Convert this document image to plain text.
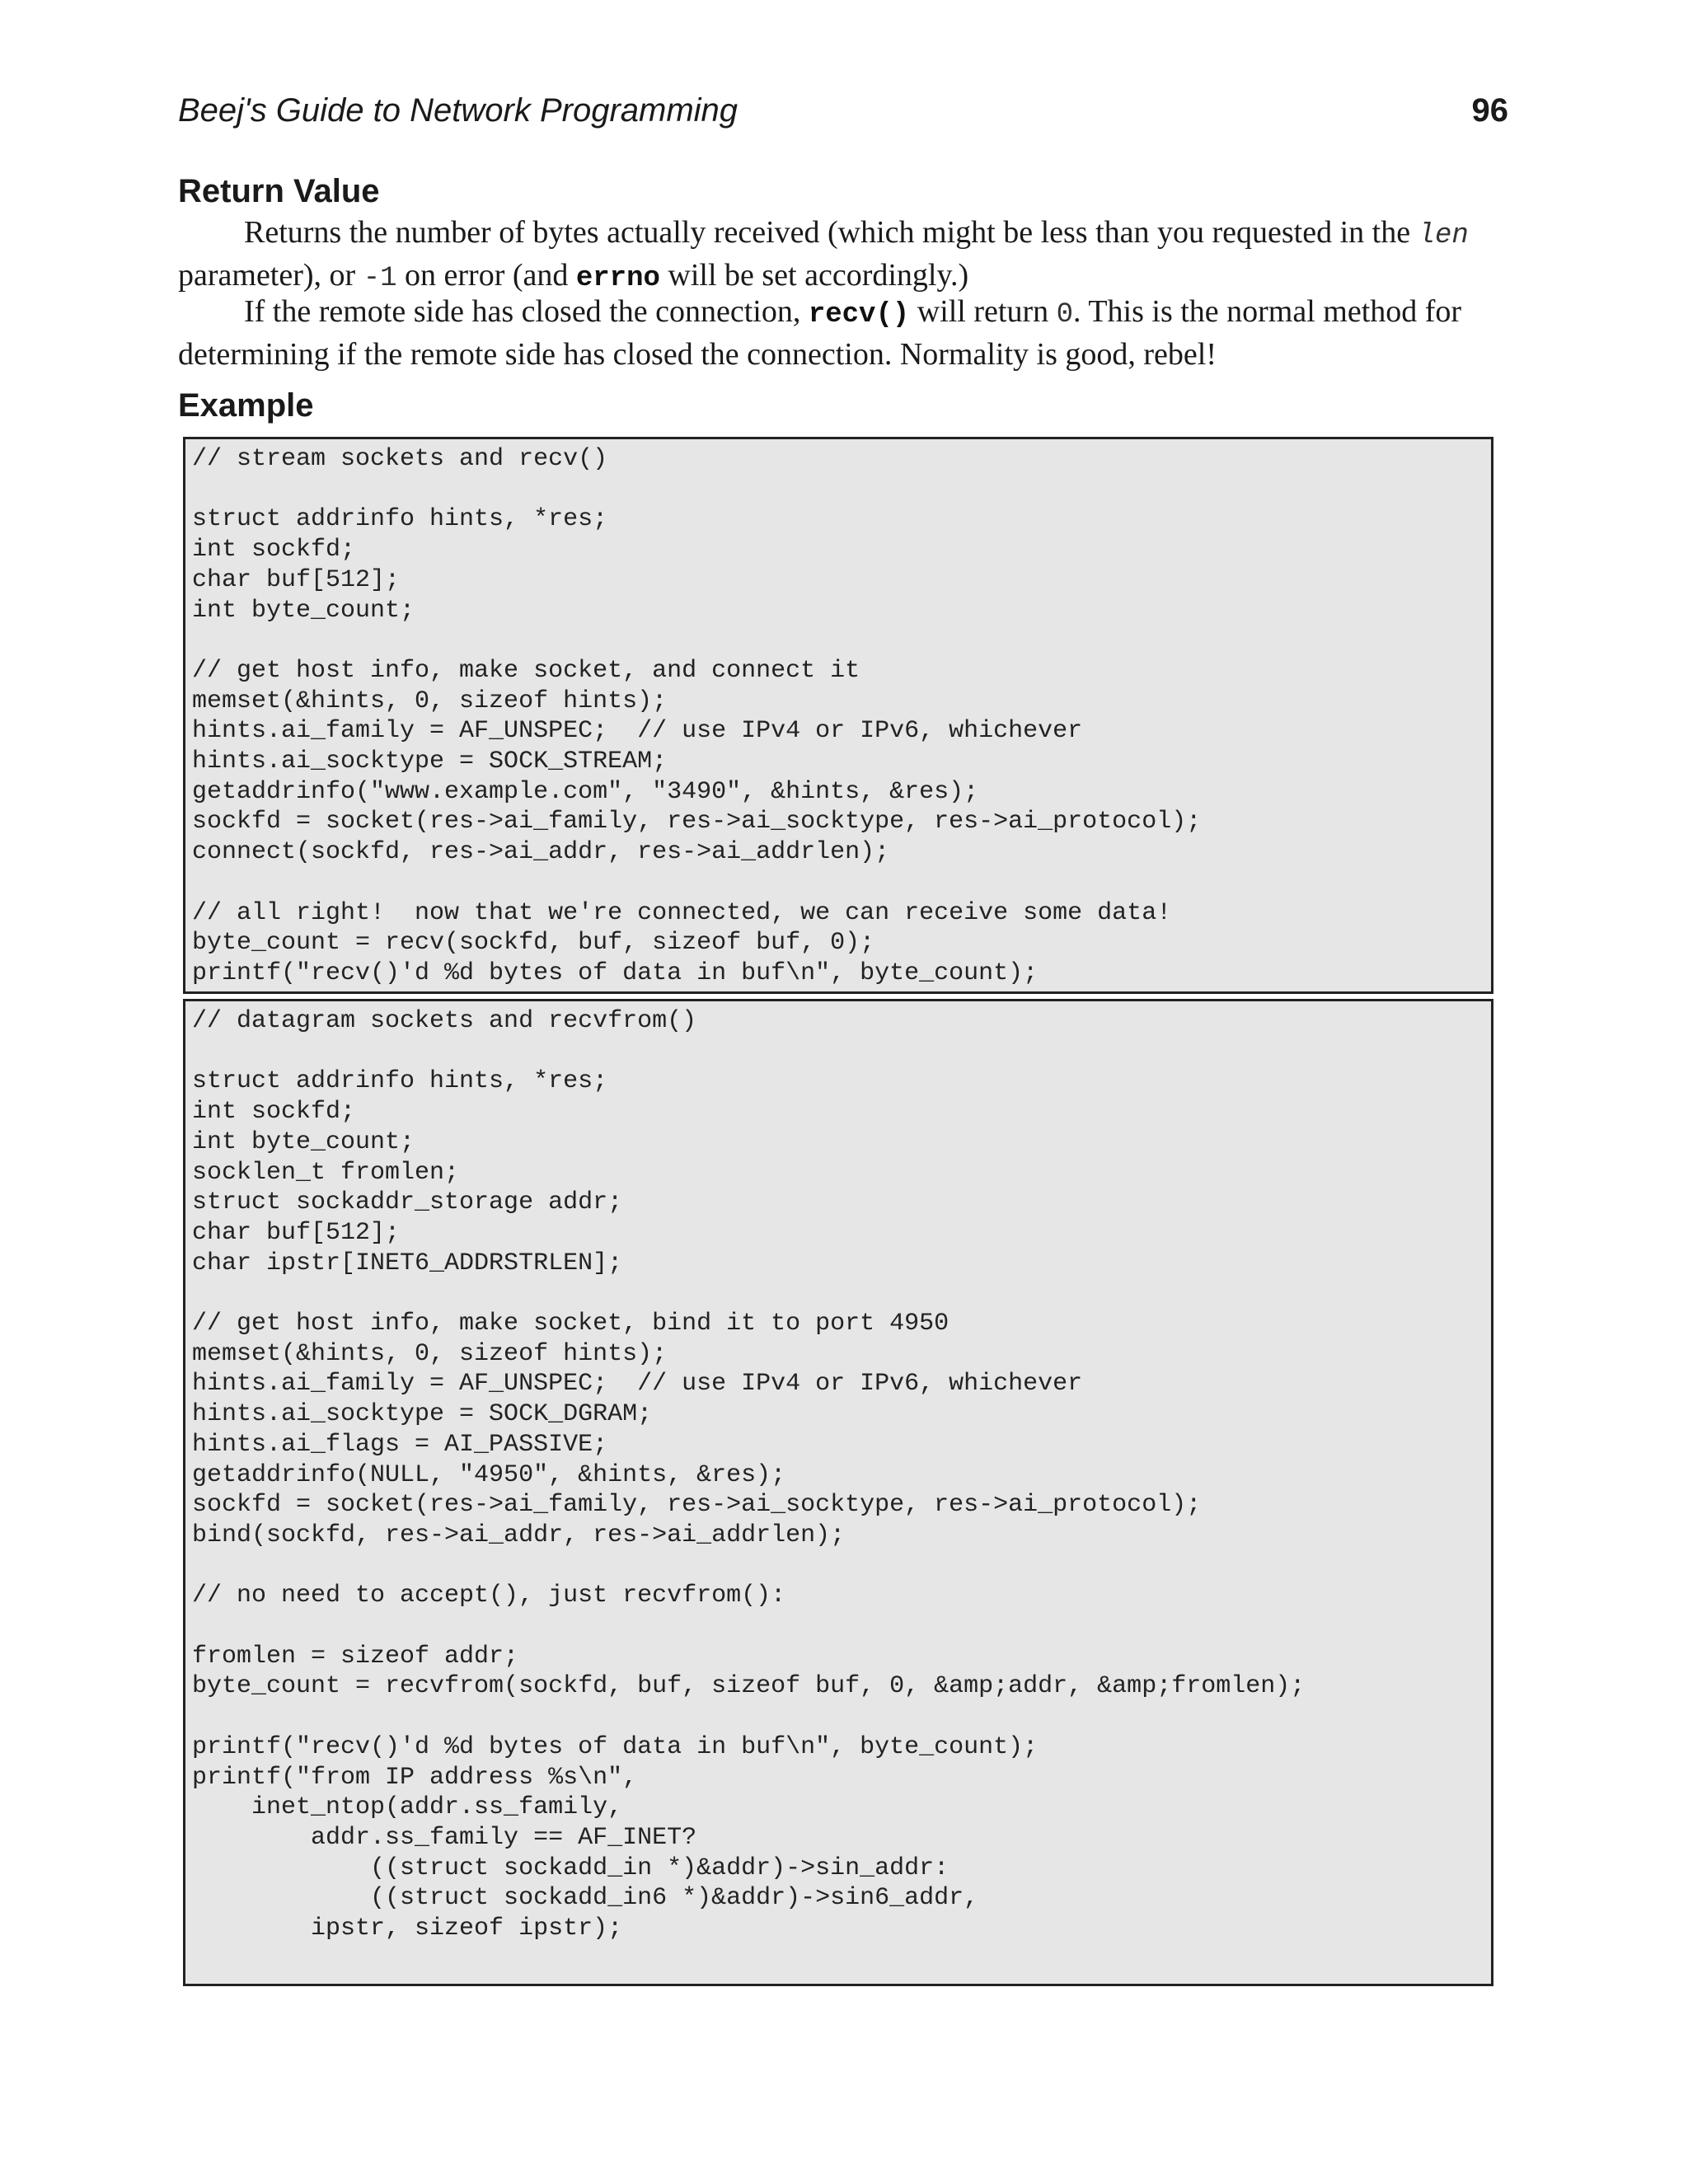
Beej's Guide to Network Programming	96
Return Value

Returns the number of bytes actually received (which might be less than you requested in the len parameter), or -1 on error (and errno will be set accordingly.)

If the remote side has closed the connection, recv() will return 0. This is the normal method for determining if the remote side has closed the connection. Normality is good, rebel!

Example
// stream sockets and recv()

struct addrinfo hints, *res;
int sockfd;
char buf[512];
int byte_count;

// get host info, make socket, and connect it
memset(&hints, 0, sizeof hints);
hints.ai_family = AF_UNSPEC;  // use IPv4 or IPv6, whichever
hints.ai_socktype = SOCK_STREAM;
getaddrinfo("www.example.com", "3490", &hints, &res);
sockfd = socket(res->ai_family, res->ai_socktype, res->ai_protocol);
connect(sockfd, res->ai_addr, res->ai_addrlen);

// all right!  now that we're connected, we can receive some data!
byte_count = recv(sockfd, buf, sizeof buf, 0);
printf("recv()'d %d bytes of data in buf\n", byte_count);
// datagram sockets and recvfrom()

struct addrinfo hints, *res;
int sockfd;
int byte_count;
socklen_t fromlen;
struct sockaddr_storage addr;
char buf[512];
char ipstr[INET6_ADDRSTRLEN];

// get host info, make socket, bind it to port 4950
memset(&hints, 0, sizeof hints);
hints.ai_family = AF_UNSPEC;  // use IPv4 or IPv6, whichever
hints.ai_socktype = SOCK_DGRAM;
hints.ai_flags = AI_PASSIVE;
getaddrinfo(NULL, "4950", &hints, &res);
sockfd = socket(res->ai_family, res->ai_socktype, res->ai_protocol);
bind(sockfd, res->ai_addr, res->ai_addrlen);

// no need to accept(), just recvfrom():

fromlen = sizeof addr;
byte_count = recvfrom(sockfd, buf, sizeof buf, 0, &amp;addr, &amp;fromlen);

printf("recv()'d %d bytes of data in buf\n", byte_count);
printf("from IP address %s\n",
inet_ntop(addr.ss_family,
addr.ss_family == AF_INET?
((struct sockadd_in *)&addr)->sin_addr:
((struct sockadd_in6 *)&addr)->sin6_addr,
ipstr, sizeof ipstr);
